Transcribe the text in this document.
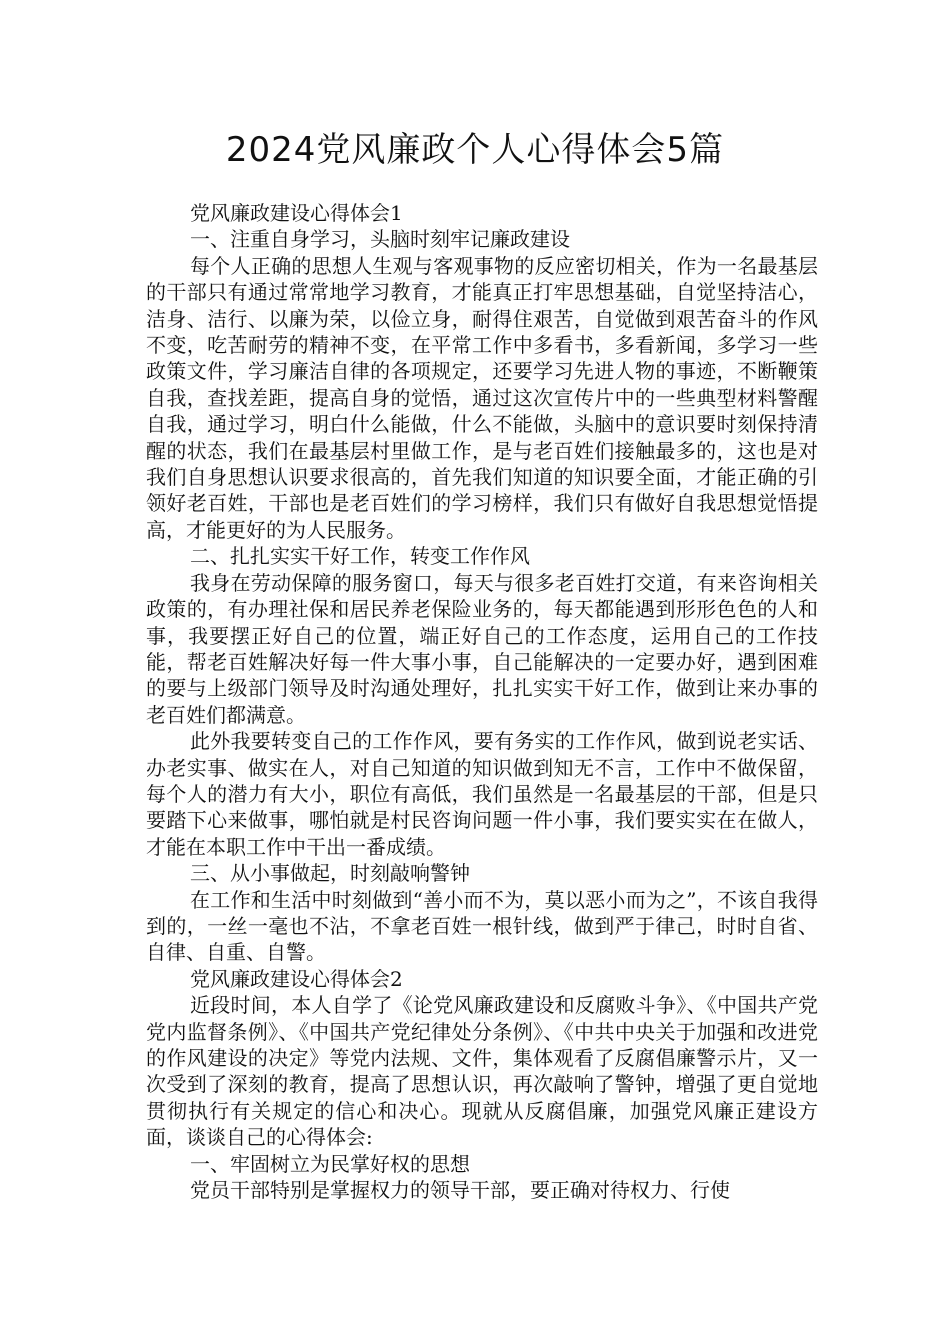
2024党风廉政个人心得体会5篇

党风廉政建设心得体会1

一、注重自身学习，头脑时刻牢记廉政建设

每个人正确的思想人生观与客观事物的反应密切相关，作为一名最基层的干部只有通过常常地学习教育，才能真正打牢思想基础，自觉坚持洁心，洁身、洁行、以廉为荣，以俭立身，耐得住艰苦，自觉做到艰苦奋斗的作风不变，吃苦耐劳的精神不变，在平常工作中多看书，多看新闻，多学习一些政策文件，学习廉洁自律的各项规定，还要学习先进人物的事迹，不断鞭策自我，查找差距，提高自身的觉悟，通过这次宣传片中的一些典型材料警醒自我，通过学习，明白什么能做，什么不能做，头脑中的意识要时刻保持清醒的状态，我们在最基层村里做工作，是与老百姓们接触最多的，这也是对我们自身思想认识要求很高的，首先我们知道的知识要全面，才能正确的引领好老百姓，干部也是老百姓们的学习榜样，我们只有做好自我思想觉悟提高，才能更好的为人民服务。

二、扎扎实实干好工作，转变工作作风

我身在劳动保障的服务窗口，每天与很多老百姓打交道，有来咨询相关政策的，有办理社保和居民养老保险业务的，每天都能遇到形形色色的人和事，我要摆正好自己的位置，端正好自己的工作态度，运用自己的工作技能，帮老百姓解决好每一件大事小事，自己能解决的一定要办好，遇到困难的要与上级部门领导及时沟通处理好，扎扎实实干好工作，做到让来办事的老百姓们都满意。

此外我要转变自己的工作作风，要有务实的工作作风，做到说老实话、办老实事、做实在人，对自己知道的知识做到知无不言，工作中不做保留，每个人的潜力有大小，职位有高低，我们虽然是一名最基层的干部，但是只要踏下心来做事，哪怕就是村民咨询问题一件小事，我们要实实在在做人，才能在本职工作中干出一番成绩。

三、从小事做起，时刻敲响警钟

在工作和生活中时刻做到“善小而不为，莫以恶小而为之”，不该自我得到的，一丝一毫也不沾，不拿老百姓一根针线，做到严于律己，时时自省、自律、自重、自警。

党风廉政建设心得体会2

近段时间，本人自学了《论党风廉政建设和反腐败斗争》、《中国共产党党内监督条例》、《中国共产党纪律处分条例》、《中共中央关于加强和改进党的作风建设的决定》等党内法规、文件，集体观看了反腐倡廉警示片，又一次受到了深刻的教育，提高了思想认识，再次敲响了警钟，增强了更自觉地贯彻执行有关规定的信心和决心。现就从反腐倡廉，加强党风廉正建设方面，谈谈自己的心得体会:

一、牢固树立为民掌好权的思想

党员干部特别是掌握权力的领导干部，要正确对待权力、行使
